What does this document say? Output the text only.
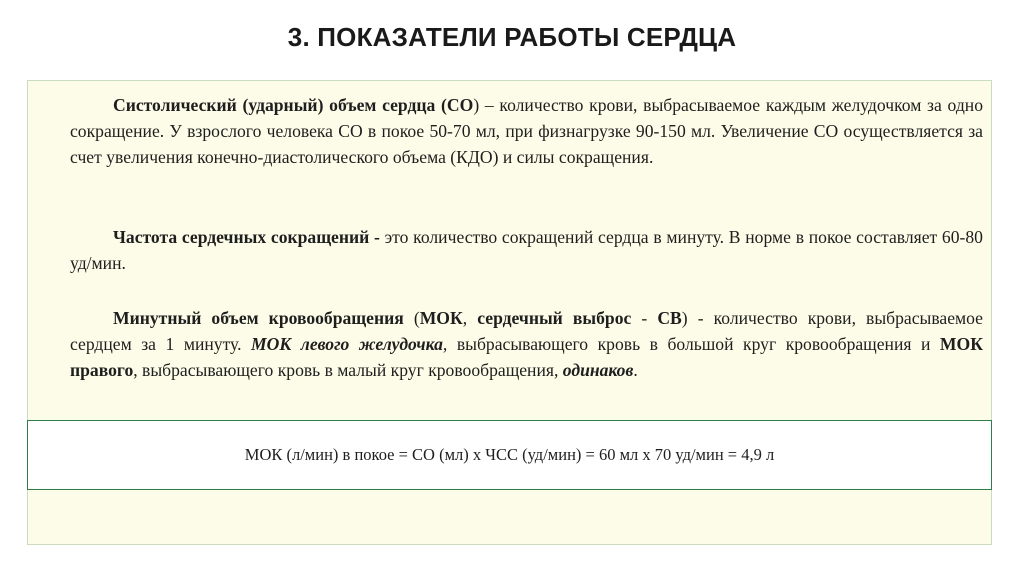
3. ПОКАЗАТЕЛИ РАБОТЫ СЕРДЦА

Систолический (ударный) объем сердца (СО) – количество крови, выбрасываемое каждым желудочком за одно сокращение. У взрослого человека СО в покое 50-70 мл, при физнагрузке 90-150 мл. Увеличение СО осуществляется за счет увеличения конечно-диастолического объема (КДО) и силы сокращения.

Частота сердечных сокращений - это количество сокращений сердца в минуту. В норме в покое составляет 60-80 уд/мин.

Минутный объем кровообращения (МОК, сердечный выброс - СВ) - количество крови, выбрасываемое сердцем за 1 минуту. МОК левого желудочка, выбрасывающего кровь в большой круг кровообращения и МОК правого, выбрасывающего кровь в малый круг кровообращения, одинаков.

МОК (л/мин) в покое = СО (мл) х ЧСС (уд/мин) = 60 мл х 70 уд/мин = 4,9 л
